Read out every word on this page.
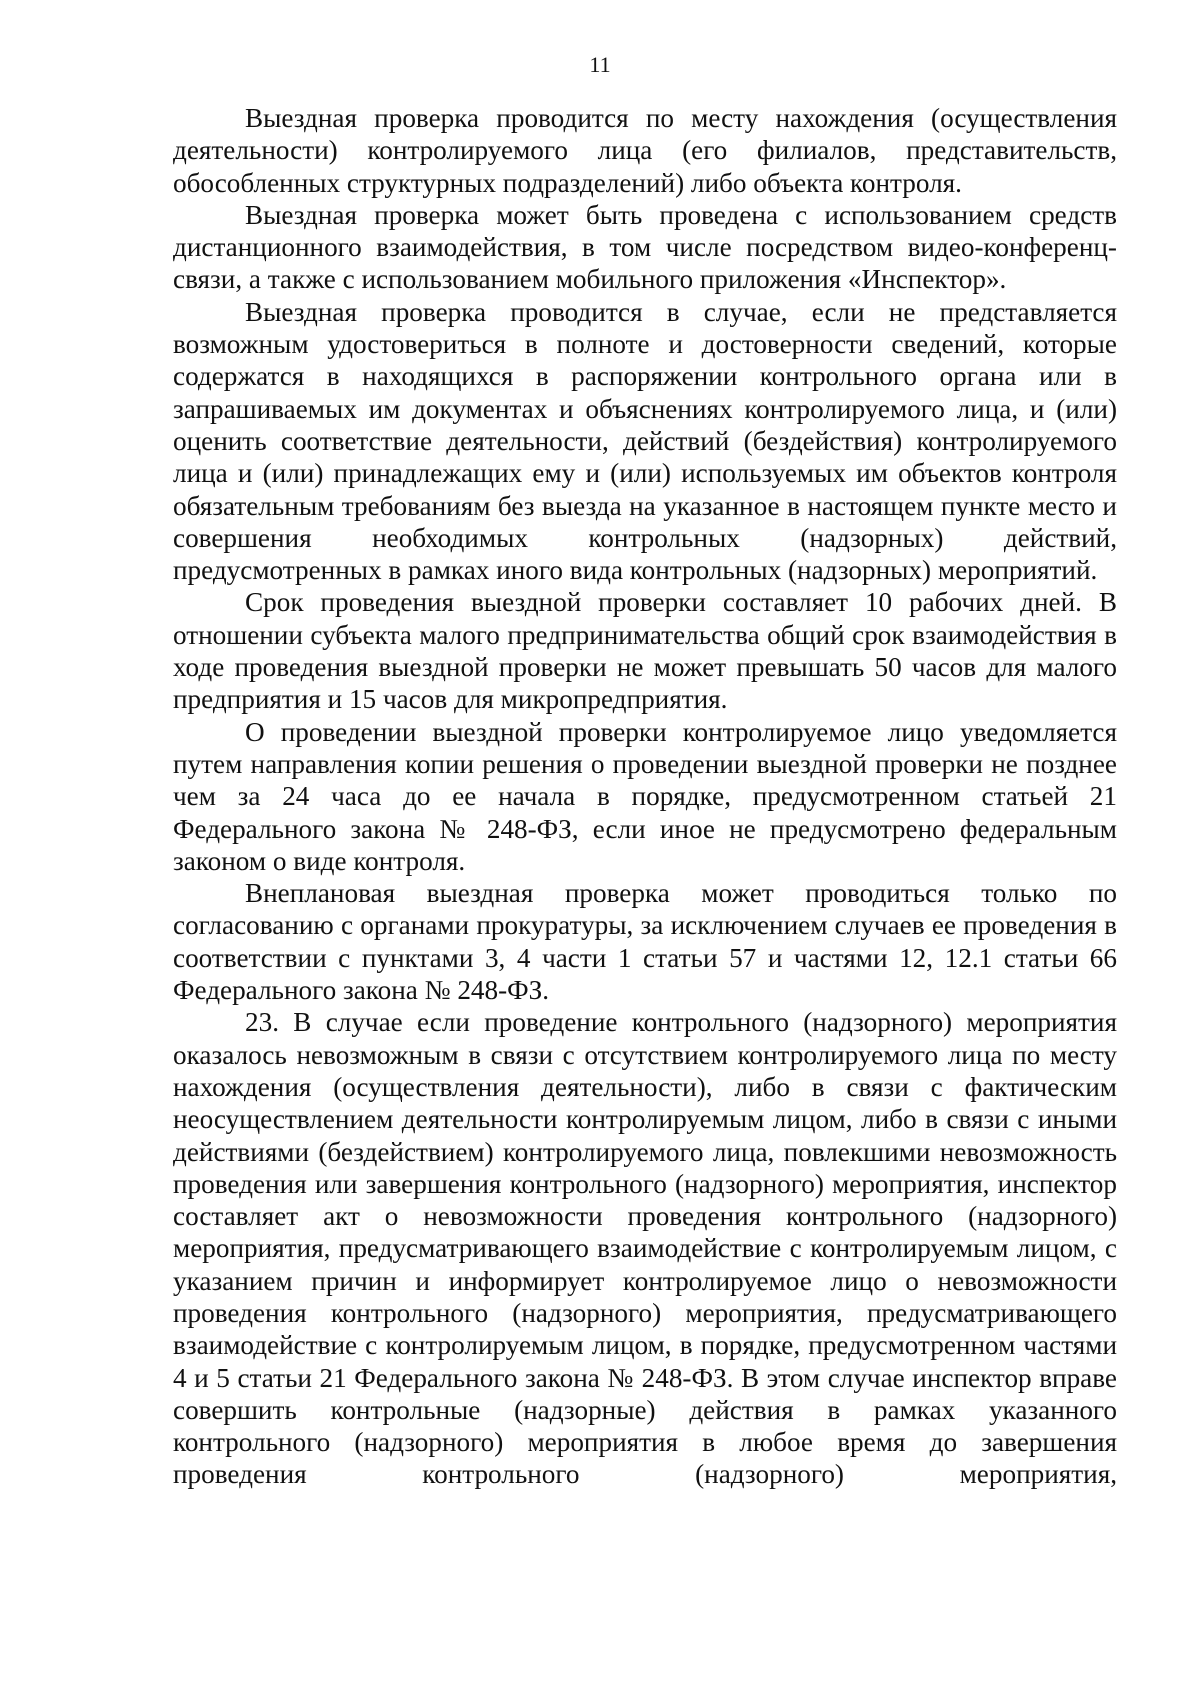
11

Выездная проверка проводится по месту нахождения (осуществления деятельности) контролируемого лица (его филиалов, представительств, обособленных структурных подразделений) либо объекта контроля.

Выездная проверка может быть проведена с использованием средств дистанционного взаимодействия, в том числе посредством видео-конференц-связи, а также с использованием мобильного приложения «Инспектор».

Выездная проверка проводится в случае, если не представляется возможным удостовериться в полноте и достоверности сведений, которые содержатся в находящихся в распоряжении контрольного органа или в запрашиваемых им документах и объяснениях контролируемого лица, и (или) оценить соответствие деятельности, действий (бездействия) контролируемого лица и (или) принадлежащих ему и (или) используемых им объектов контроля обязательным требованиям без выезда на указанное в настоящем пункте место и совершения необходимых контрольных (надзорных) действий, предусмотренных в рамках иного вида контрольных (надзорных) мероприятий.

Срок проведения выездной проверки составляет 10 рабочих дней. В отношении субъекта малого предпринимательства общий срок взаимодействия в ходе проведения выездной проверки не может превышать 50 часов для малого предприятия и 15 часов для микропредприятия.

О проведении выездной проверки контролируемое лицо уведомляется путем направления копии решения о проведении выездной проверки не позднее чем за 24 часа до ее начала в порядке, предусмотренном статьей 21 Федерального закона № 248-ФЗ, если иное не предусмотрено федеральным законом о виде контроля.

Внеплановая выездная проверка может проводиться только по согласованию с органами прокуратуры, за исключением случаев ее проведения в соответствии с пунктами 3, 4 части 1 статьи 57 и частями 12, 12.1 статьи 66 Федерального закона № 248-ФЗ.

23. В случае если проведение контрольного (надзорного) мероприятия оказалось невозможным в связи с отсутствием контролируемого лица по месту нахождения (осуществления деятельности), либо в связи с фактическим неосуществлением деятельности контролируемым лицом, либо в связи с иными действиями (бездействием) контролируемого лица, повлекшими невозможность проведения или завершения контрольного (надзорного) мероприятия, инспектор составляет акт о невозможности проведения контрольного (надзорного) мероприятия, предусматривающего взаимодействие с контролируемым лицом, с указанием причин и информирует контролируемое лицо о невозможности проведения контрольного (надзорного) мероприятия, предусматривающего взаимодействие с контролируемым лицом, в порядке, предусмотренном частями 4 и 5 статьи 21 Федерального закона № 248-ФЗ. В этом случае инспектор вправе совершить контрольные (надзорные) действия в рамках указанного контрольного (надзорного) мероприятия в любое время до завершения проведения контрольного (надзорного) мероприятия,
